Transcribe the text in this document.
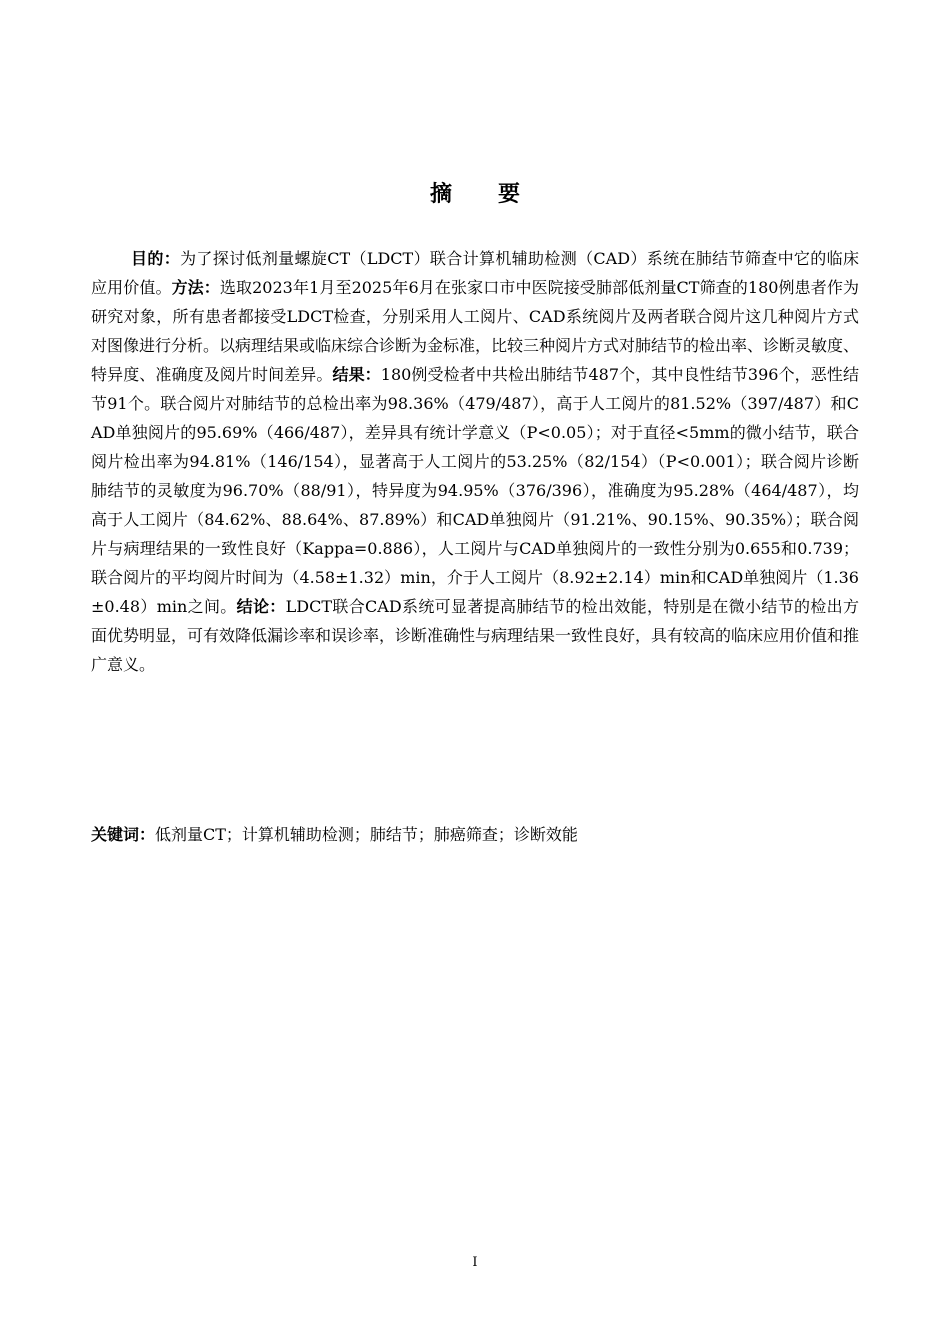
摘要

目的：为了探讨低剂量螺旋CT（LDCT）联合计算机辅助检测（CAD）系统在肺结节筛查中它的临床应用价值。方法：选取2023年1月至2025年6月在张家口市中医院接受肺部低剂量CT筛查的180例患者作为研究对象，所有患者都接受LDCT检查，分别采用人工阅片、CAD系统阅片及两者联合阅片这几种阅片方式对图像进行分析。以病理结果或临床综合诊断为金标准，比较三种阅片方式对肺结节的检出率、诊断灵敏度、特异度、准确度及阅片时间差异。结果：180例受检者中共检出肺结节487个，其中良性结节396个，恶性结节91个。联合阅片对肺结节的总检出率为98.36%（479/487），高于人工阅片的81.52%（397/487）和CAD单独阅片的95.69%（466/487），差异具有统计学意义（P<0.05）；对于直径<5mm的微小结节，联合阅片检出率为94.81%（146/154），显著高于人工阅片的53.25%（82/154）（P<0.001）；联合阅片诊断肺结节的灵敏度为96.70%（88/91），特异度为94.95%（376/396），准确度为95.28%（464/487），均高于人工阅片（84.62%、88.64%、87.89%）和CAD单独阅片（91.21%、90.15%、90.35%）；联合阅片与病理结果的一致性良好（Kappa=0.886），人工阅片与CAD单独阅片的一致性分别为0.655和0.739；联合阅片的平均阅片时间为（4.58±1.32）min，介于人工阅片（8.92±2.14）min和CAD单独阅片（1.36±0.48）min之间。结论：LDCT联合CAD系统可显著提高肺结节的检出效能，特别是在微小结节的检出方面优势明显，可有效降低漏诊率和误诊率，诊断准确性与病理结果一致性良好，具有较高的临床应用价值和推广意义。

关键词：低剂量CT；计算机辅助检测；肺结节；肺癌筛查；诊断效能

I
